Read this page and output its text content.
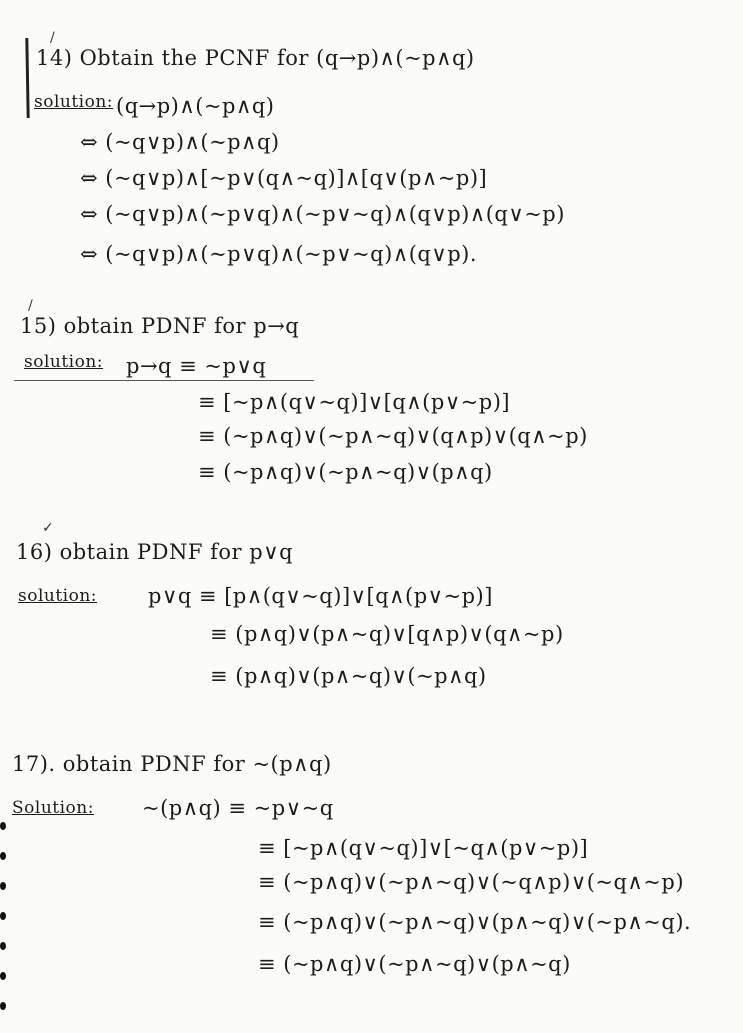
/
14) Obtain the PCNF for (q→p)∧(~p∧q)
solution: (q→p)∧(~p∧q)
⇔ (~q∨p)∧(~p∧q)
⇔ (~q∨p)∧[~p∨(q∧~q)]∧[q∨(p∧~p)]
⇔ (~q∨p)∧(~p∨q)∧(~p∨~q)∧(q∨p)∧(q∨~p)
⇔ (~q∨p)∧(~p∨q)∧(~p∨~q)∧(q∨p).
/
15) obtain PDNF for p→q
solution: p→q ≡ ~p∨q
≡ [~p∧(q∨~q)]∨[q∧(p∨~p)]
≡ (~p∧q)∨(~p∧~q)∨(q∧p)∨(q∧~p)
≡ (~p∧q)∨(~p∧~q)∨(p∧q)
✓
16) obtain PDNF for p∨q
solution: p∨q ≡ [p∧(q∨~q)]∨[q∧(p∨~p)]
≡ (p∧q)∨(p∧~q)∨[q∧p)∨(q∧~p)
≡ (p∧q)∨(p∧~q)∨(~p∧q)
17). obtain PDNF for ~(p∧q)
Solution: ~(p∧q) ≡ ~p∨~q
≡ [~p∧(q∨~q)]∨[~q∧(p∨~p)]
≡ (~p∧q)∨(~p∧~q)∨(~q∧p)∨(~q∧~p)
≡ (~p∧q)∨(~p∧~q)∨(p∧~q)∨(~p∧~q).
≡ (~p∧q)∨(~p∧~q)∨(p∧~q)
